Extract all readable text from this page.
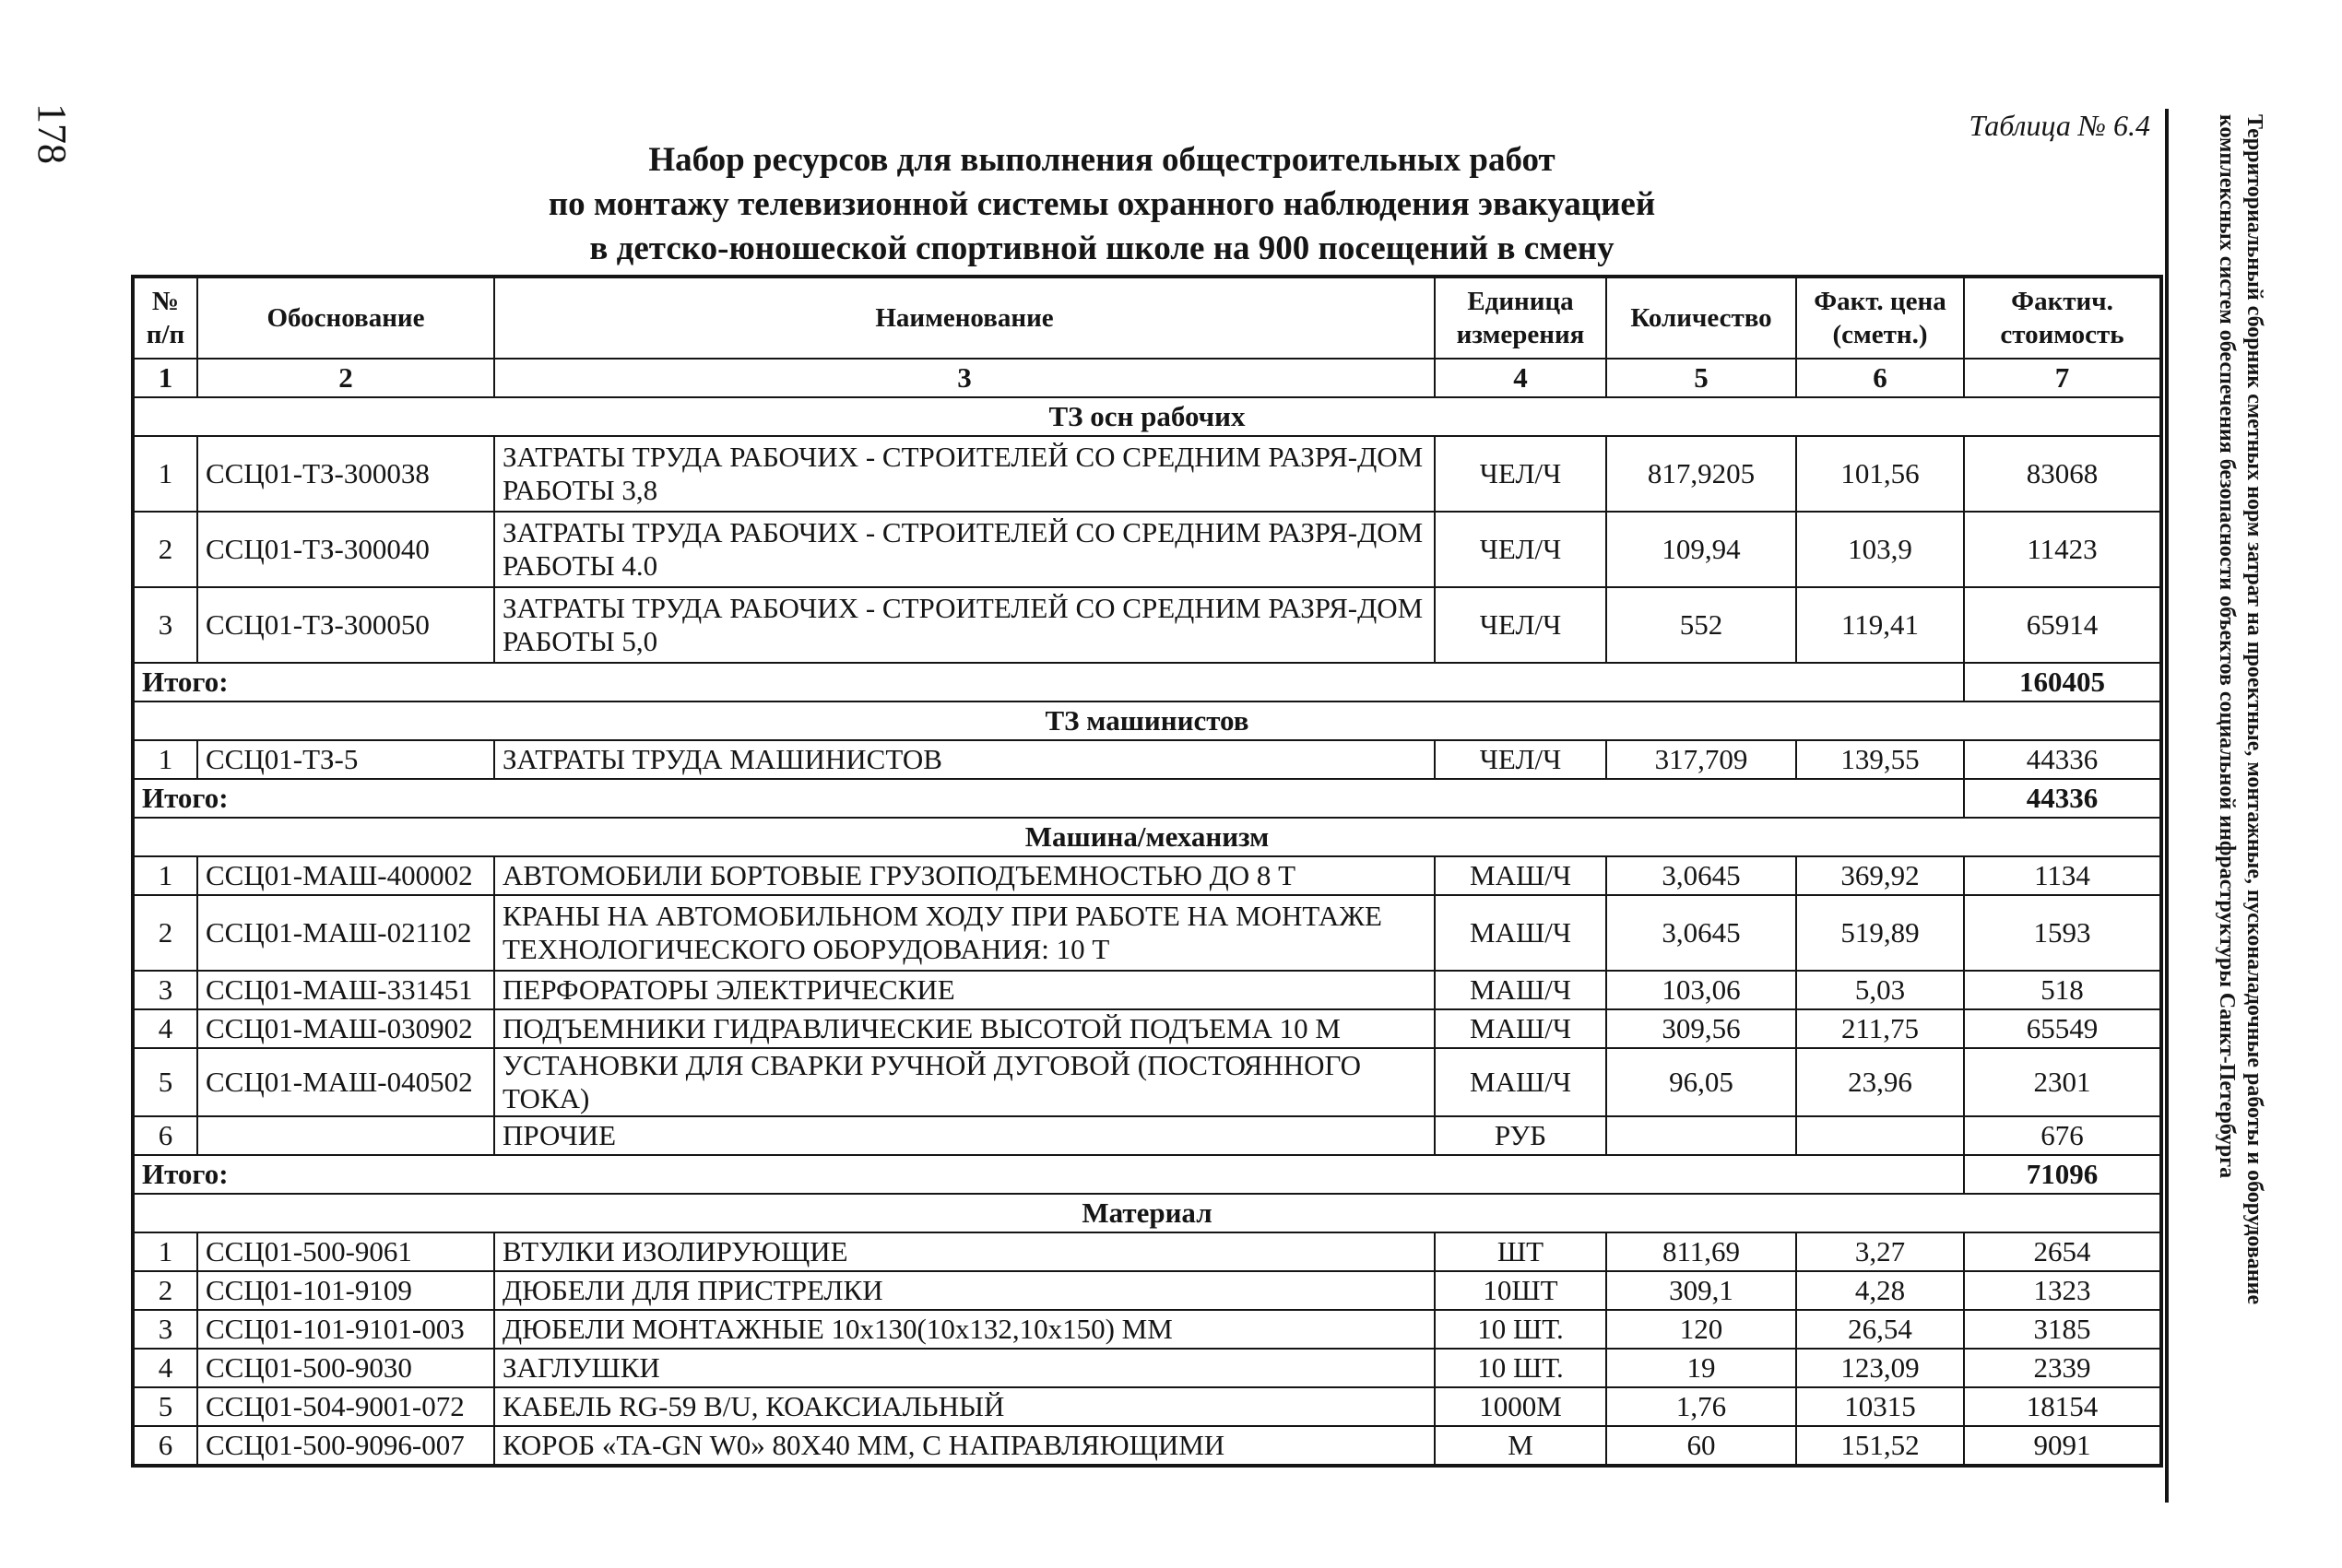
178	Таблица № 6.4
Набор ресурсов для выполнения общестроительных работ
по монтажу телевизионной системы охранного наблюдения эвакуацией
в детско-юношеской спортивной школе на 900 посещений в смену	Территориальный сборник сметных норм затрат на проектные, монтажные, пусконаладочные работы и оборудование
комплексных систем обеспечения безопасности объектов социальной инфраструктуры Санкт-Петербурга
№ п/п	Обоснование	Наименование	Единица измерения	Количество	Факт. цена (сметн.)	Фактич. стоимость
1	2	3	4	5	6	7
ТЗ осн рабочих						
1	ССЦ01-ТЗ-300038	ЗАТРАТЫ ТРУДА РАБОЧИХ - СТРОИТЕЛЕЙ СО СРЕДНИМ РАЗРЯ-ДОМ РАБОТЫ 3,8	ЧЕЛ/Ч	817,9205	101,56	83068
2	ССЦ01-ТЗ-300040	ЗАТРАТЫ ТРУДА РАБОЧИХ - СТРОИТЕЛЕЙ СО СРЕДНИМ РАЗРЯ-ДОМ РАБОТЫ 4.0	ЧЕЛ/Ч	109,94	103,9	11423
3	ССЦ01-ТЗ-300050	ЗАТРАТЫ ТРУДА РАБОЧИХ - СТРОИТЕЛЕЙ СО СРЕДНИМ РАЗРЯ-ДОМ РАБОТЫ 5,0	ЧЕЛ/Ч	552	119,41	65914
Итого:						160405
ТЗ машинистов						
1	ССЦ01-ТЗ-5	ЗАТРАТЫ ТРУДА МАШИНИСТОВ	ЧЕЛ/Ч	317,709	139,55	44336
Итого:						44336
Машина/механизм						
1	ССЦ01-МАШ-400002	АВТОМОБИЛИ БОРТОВЫЕ ГРУЗОПОДЪЕМНОСТЬЮ ДО 8 Т	МАШ/Ч	3,0645	369,92	1134
2	ССЦ01-МАШ-021102	КРАНЫ НА АВТОМОБИЛЬНОМ ХОДУ ПРИ РАБОТЕ НА МОНТАЖЕ ТЕХНОЛОГИЧЕСКОГО ОБОРУДОВАНИЯ: 10 Т	МАШ/Ч	3,0645	519,89	1593
3	ССЦ01-МАШ-331451	ПЕРФОРАТОРЫ ЭЛЕКТРИЧЕСКИЕ	МАШ/Ч	103,06	5,03	518
4	ССЦ01-МАШ-030902	ПОДЪЕМНИКИ ГИДРАВЛИЧЕСКИЕ ВЫСОТОЙ ПОДЪЕМА 10 М	МАШ/Ч	309,56	211,75	65549
5	ССЦ01-МАШ-040502	УСТАНОВКИ ДЛЯ СВАРКИ РУЧНОЙ ДУГОВОЙ (ПОСТОЯННОГО ТОКА)	МАШ/Ч	96,05	23,96	2301
6		ПРОЧИЕ	РУБ			676
Итого:						71096
Материал						
1	ССЦ01-500-9061	ВТУЛКИ ИЗОЛИРУЮЩИЕ	ШТ	811,69	3,27	2654
2	ССЦ01-101-9109	ДЮБЕЛИ ДЛЯ ПРИСТРЕЛКИ	10ШТ	309,1	4,28	1323
3	ССЦ01-101-9101-003	ДЮБЕЛИ МОНТАЖНЫЕ 10x130(10x132,10x150) ММ	10 ШТ.	120	26,54	3185
4	ССЦ01-500-9030	ЗАГЛУШКИ	10 ШТ.	19	123,09	2339
5	ССЦ01-504-9001-072	КАБЕЛЬ RG-59 B/U, КОАКСИАЛЬНЫЙ	1000М	1,76	10315	18154
6	ССЦ01-500-9096-007	КОРОБ «TA-GN W0» 80X40 ММ, С НАПРАВЛЯЮЩИМИ	М	60	151,52	9091
